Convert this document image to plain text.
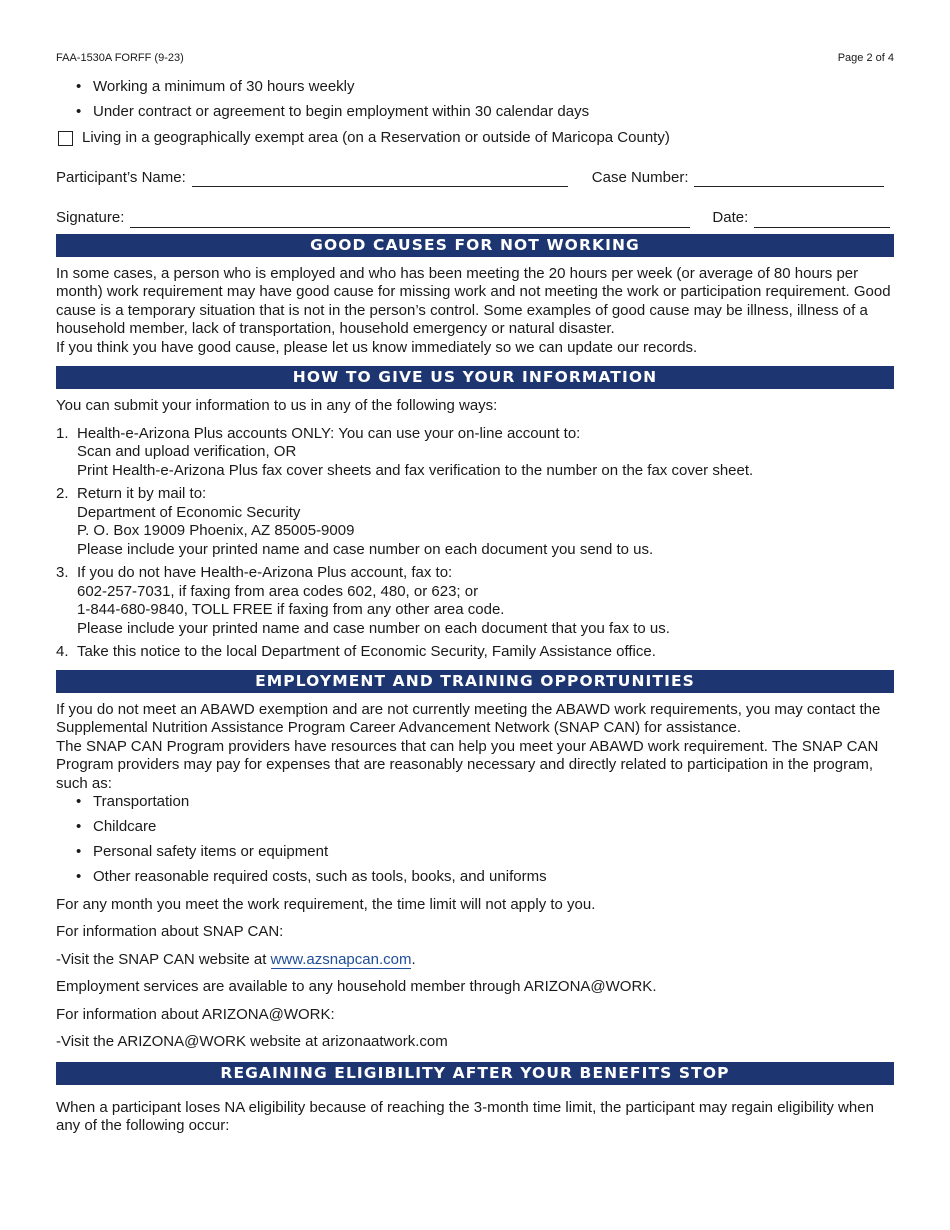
FAA-1530A FORFF (9-23)	Page 2 of 4
• Working a minimum of 30 hours weekly
• Under contract or agreement to begin employment within 30 calendar days
Living in a geographically exempt area (on a Reservation or outside of Maricopa County)
Participant’s Name:	Case Number:
Signature:	Date:
GOOD CAUSES FOR NOT WORKING

In some cases, a person who is employed and who has been meeting the 20 hours per week (or average of 80 hours per month) work requirement may have good cause for missing work and not meeting the work or participation requirement. Good cause is a temporary situation that is not in the person’s control. Some examples of good cause may be illness, illness of a household member, lack of transportation, household emergency or natural disaster.

If you think you have good cause, please let us know immediately so we can update our records.

HOW TO GIVE US YOUR INFORMATION

You can submit your information to us in any of the following ways:

1. Health-e-Arizona Plus accounts ONLY: You can use your on-line account to:
Scan and upload verification, OR
Print Health-e-Arizona Plus fax cover sheets and fax verification to the number on the fax cover sheet.
2. Return it by mail to:
Department of Economic Security
P. O. Box 19009 Phoenix, AZ 85005-9009
Please include your printed name and case number on each document you send to us.
3. If you do not have Health-e-Arizona Plus account, fax to:
602-257-7031, if faxing from area codes 602, 480, or 623; or
1-844-680-9840, TOLL FREE if faxing from any other area code.
Please include your printed name and case number on each document that you fax to us.
4. Take this notice to the local Department of Economic Security, Family Assistance office.
EMPLOYMENT AND TRAINING OPPORTUNITIES

If you do not meet an ABAWD exemption and are not currently meeting the ABAWD work requirements, you may contact the Supplemental Nutrition Assistance Program Career Advancement Network (SNAP CAN) for assistance.

The SNAP CAN Program providers have resources that can help you meet your ABAWD work requirement. The SNAP CAN Program providers may pay for expenses that are reasonably necessary and directly related to participation in the program, such as:

• Transportation
• Childcare
• Personal safety items or equipment
• Other reasonable required costs, such as tools, books, and uniforms

For any month you meet the work requirement, the time limit will not apply to you.

For information about SNAP CAN:

-Visit the SNAP CAN website at www.azsnapcan.com.

Employment services are available to any household member through ARIZONA@WORK.

For information about ARIZONA@WORK:

-Visit the ARIZONA@WORK website at arizonaatwork.com

REGAINING ELIGIBILITY AFTER YOUR BENEFITS STOP

When a participant loses NA eligibility because of reaching the 3-month time limit, the participant may regain eligibility when any of the following occur:
